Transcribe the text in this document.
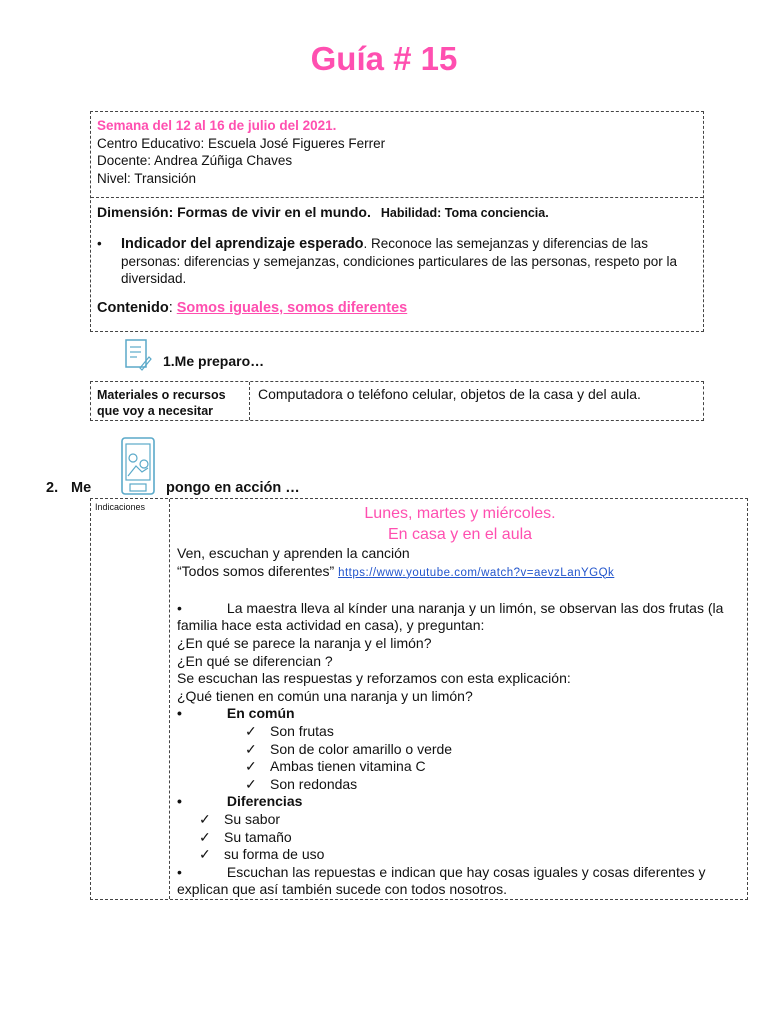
Guía # 15
Semana del 12 al 16 de julio del 2021.
Centro Educativo: Escuela José Figueres Ferrer
Docente: Andrea Zúñiga Chaves
Nivel: Transición
Dimensión: Formas de vivir en el mundo. Habilidad: Toma conciencia.
• Indicador del aprendizaje esperado. Reconoce las semejanzas y diferencias de las personas: diferencias y semejanzas, condiciones particulares de las personas, respeto por la diversidad.
Contenido: Somos iguales, somos diferentes
1.Me preparo…
Materiales o recursos que voy a necesitar
Computadora o teléfono celular, objetos de la casa y del aula.
2. Me	pongo en acción …
Indicaciones	Lunes, martes y miércoles.
En casa y en el aula
Ven, escuchan y aprenden la canción
“Todos somos diferentes” https://www.youtube.com/watch?v=aevzLanYGQk
•	La maestra lleva al kínder una naranja y un limón, se observan las dos frutas (la familia hace esta actividad en casa), y preguntan:
¿En qué se parece la naranja y el limón?
¿En qué se diferencian ?
Se escuchan las respuestas y reforzamos con esta explicación:
¿Qué tienen en común una naranja y un limón?
•	En común
✓ Son frutas
✓ Son de color amarillo o verde
✓ Ambas tienen vitamina C
✓ Son redondas
•	Diferencias
✓ Su sabor
✓ Su tamaño
✓ su forma de uso
•	Escuchan las repuestas e indican que hay cosas iguales y cosas diferentes y explican que así también sucede con todos nosotros.
